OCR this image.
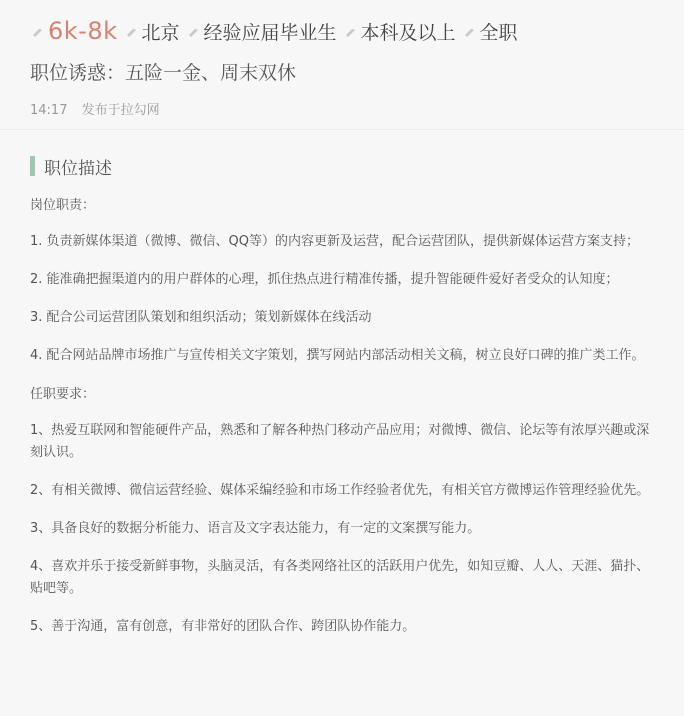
6k-8k 北京 经验应届毕业生 本科及以上 全职
职位诱惑：五险一金、周末双休
14:17 发布于拉勾网
职位描述
岗位职责：

1. 负责新媒体渠道（微博、微信、QQ等）的内容更新及运营，配合运营团队，提供新媒体运营方案支持；

2. 能准确把握渠道内的用户群体的心理，抓住热点进行精准传播，提升智能硬件爱好者受众的认知度；

3. 配合公司运营团队策划和组织活动；策划新媒体在线活动

4. 配合网站品牌市场推广与宣传相关文字策划，撰写网站内部活动相关文稿，树立良好口碑的推广类工作。

任职要求：

1、热爱互联网和智能硬件产品，熟悉和了解各种热门移动产品应用；对微博、微信、论坛等有浓厚兴趣或深刻认识。

2、有相关微博、微信运营经验、媒体采编经验和市场工作经验者优先，有相关官方微博运作管理经验优先。

3、具备良好的数据分析能力、语言及文字表达能力，有一定的文案撰写能力。

4、喜欢并乐于接受新鲜事物，头脑灵活，有各类网络社区的活跃用户优先，如知豆瓣、人人、天涯、猫扑、贴吧等。

5、善于沟通，富有创意，有非常好的团队合作、跨团队协作能力。
